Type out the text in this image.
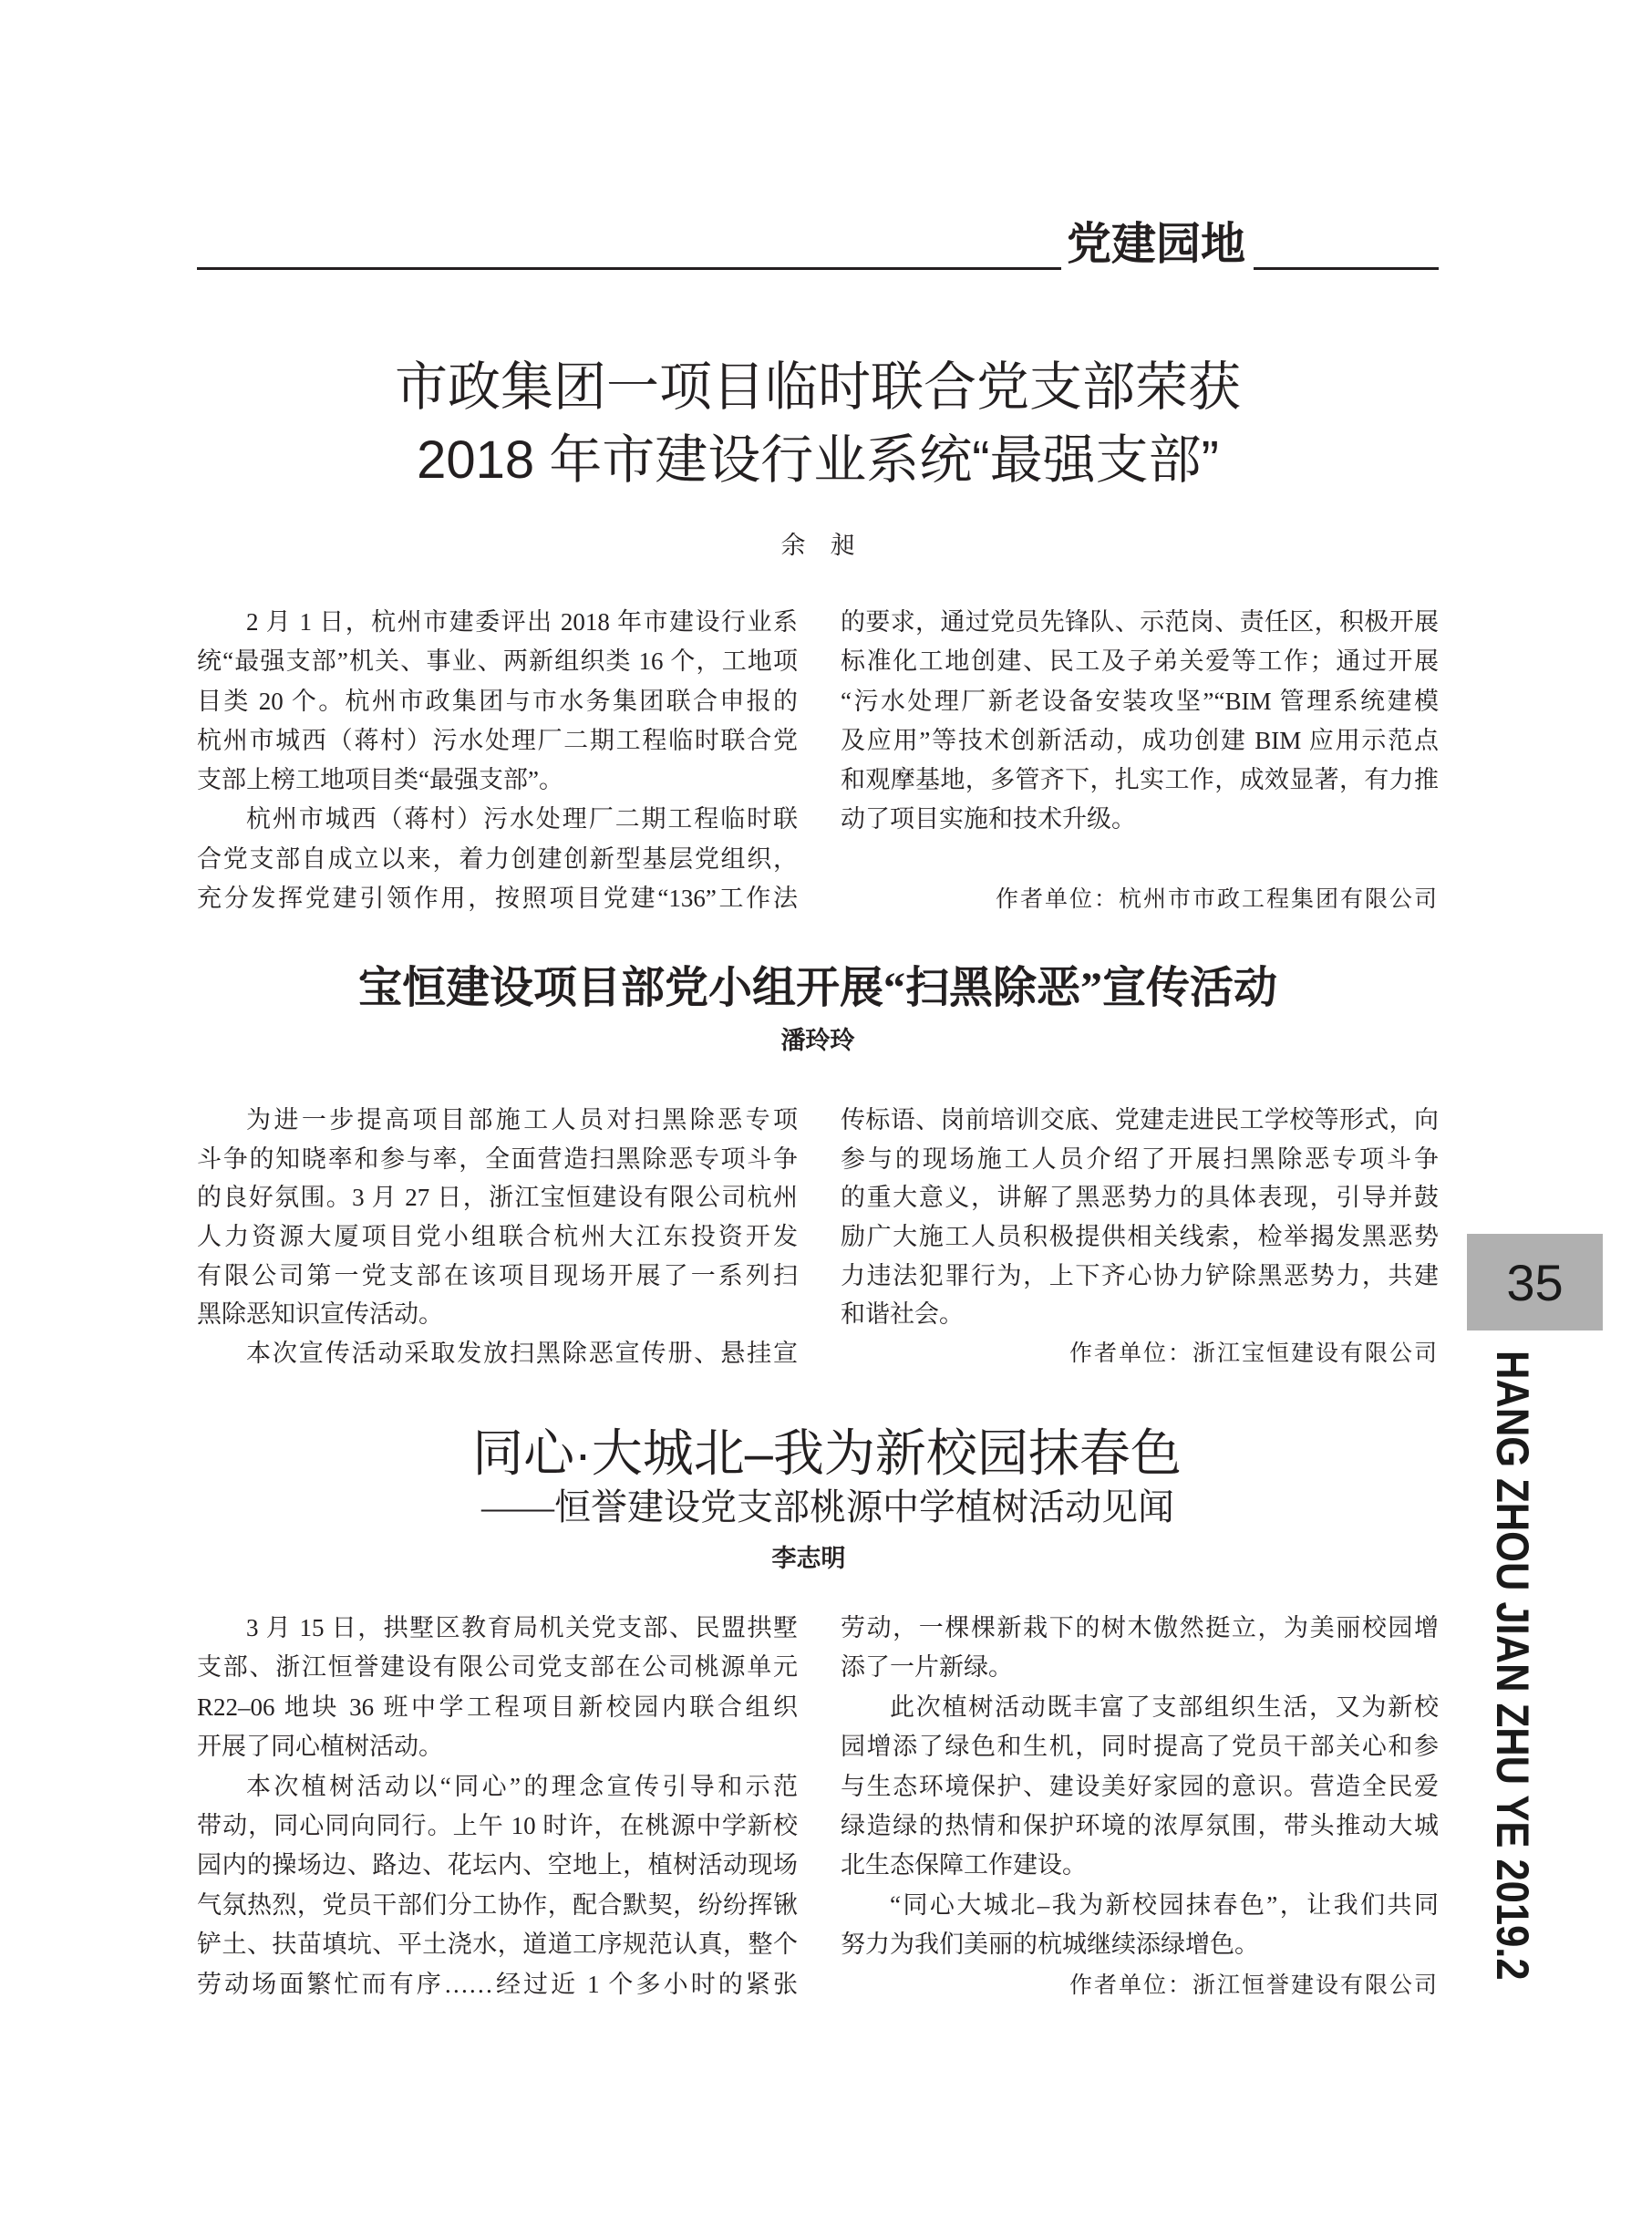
党建园地
市政集团一项目临时联合党支部荣获
2018 年市建设行业系统“最强支部”
余　昶
2 月 1 日，杭州市建委评出 2018 年市建设行业系
统“最强支部”机关、事业、两新组织类 16 个，工地项
目类 20 个。杭州市政集团与市水务集团联合申报的
杭州市城西（蒋村）污水处理厂二期工程临时联合党
支部上榜工地项目类“最强支部”。
杭州市城西（蒋村）污水处理厂二期工程临时联
合党支部自成立以来，着力创建创新型基层党组织，
充分发挥党建引领作用，按照项目党建“136”工作法
的要求，通过党员先锋队、示范岗、责任区，积极开展
标准化工地创建、民工及子弟关爱等工作；通过开展
“污水处理厂新老设备安装攻坚”“BIM 管理系统建模
及应用”等技术创新活动，成功创建 BIM 应用示范点
和观摩基地，多管齐下，扎实工作，成效显著，有力推
动了项目实施和技术升级。
作者单位：杭州市市政工程集团有限公司
宝恒建设项目部党小组开展“扫黑除恶”宣传活动
潘玲玲
为进一步提高项目部施工人员对扫黑除恶专项
斗争的知晓率和参与率，全面营造扫黑除恶专项斗争
的良好氛围。3 月 27 日，浙江宝恒建设有限公司杭州
人力资源大厦项目党小组联合杭州大江东投资开发
有限公司第一党支部在该项目现场开展了一系列扫
黑除恶知识宣传活动。
本次宣传活动采取发放扫黑除恶宣传册、悬挂宣
传标语、岗前培训交底、党建走进民工学校等形式，向
参与的现场施工人员介绍了开展扫黑除恶专项斗争
的重大意义，讲解了黑恶势力的具体表现，引导并鼓
励广大施工人员积极提供相关线索，检举揭发黑恶势
力违法犯罪行为，上下齐心协力铲除黑恶势力，共建
和谐社会。
作者单位：浙江宝恒建设有限公司
35
HANG ZHOU JIAN ZHU YE 2019.2
同心·大城北–我为新校园抹春色
——恒誉建设党支部桃源中学植树活动见闻
李志明
3 月 15 日，拱墅区教育局机关党支部、民盟拱墅
支部、浙江恒誉建设有限公司党支部在公司桃源单元
R22–06 地块 36 班中学工程项目新校园内联合组织
开展了同心植树活动。
本次植树活动以“同心”的理念宣传引导和示范
带动，同心同向同行。上午 10 时许，在桃源中学新校
园内的操场边、路边、花坛内、空地上，植树活动现场
气氛热烈，党员干部们分工协作，配合默契，纷纷挥锹
铲土、扶苗填坑、平土浇水，道道工序规范认真，整个
劳动场面繁忙而有序……经过近 1 个多小时的紧张
劳动，一棵棵新栽下的树木傲然挺立，为美丽校园增
添了一片新绿。
此次植树活动既丰富了支部组织生活，又为新校
园增添了绿色和生机，同时提高了党员干部关心和参
与生态环境保护、建设美好家园的意识。营造全民爱
绿造绿的热情和保护环境的浓厚氛围，带头推动大城
北生态保障工作建设。
“同心大城北–我为新校园抹春色”，让我们共同
努力为我们美丽的杭城继续添绿增色。
作者单位：浙江恒誉建设有限公司
